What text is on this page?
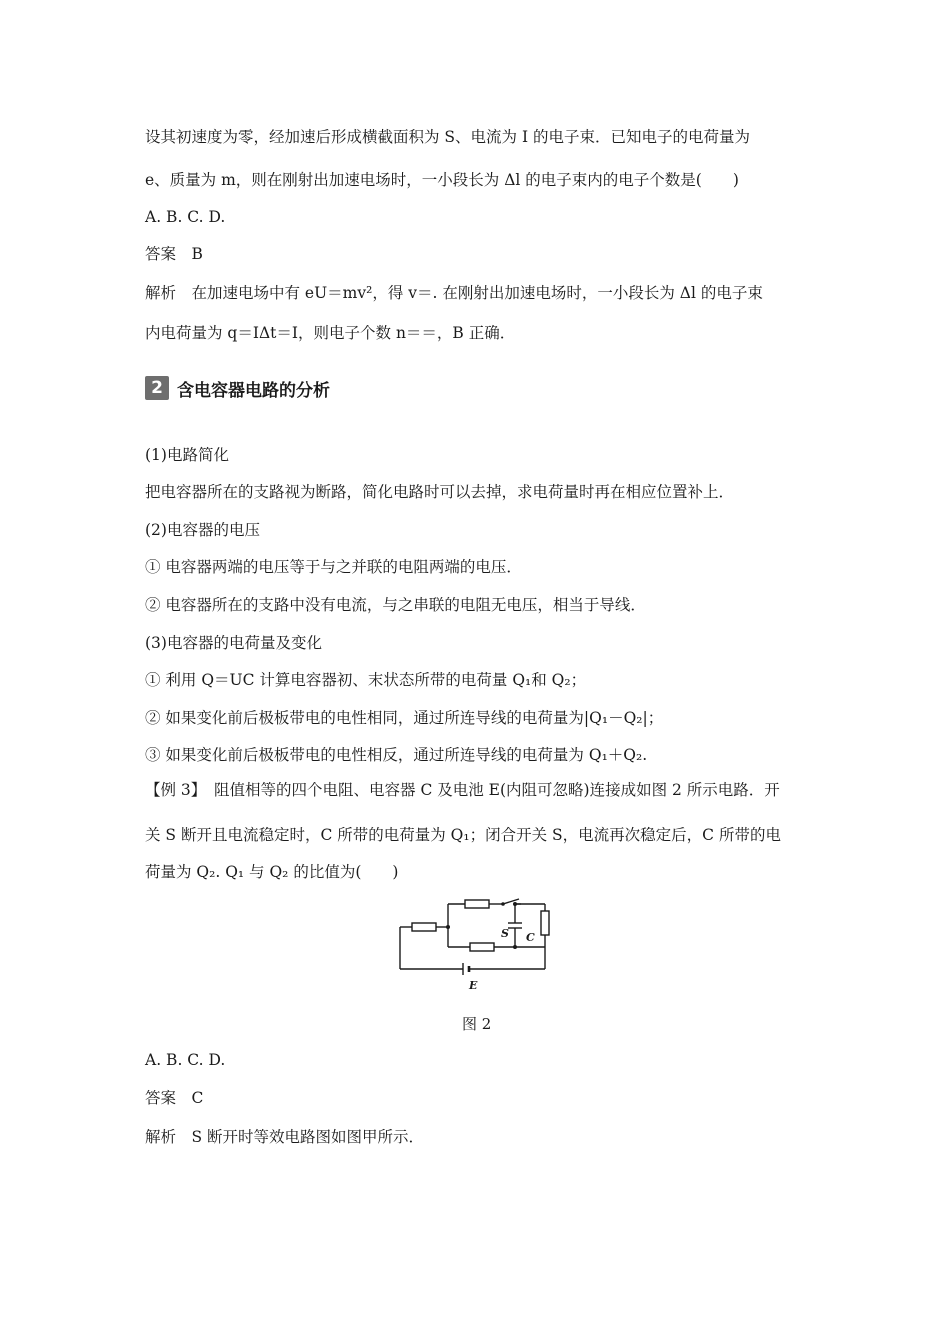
设其初速度为零，经加速后形成横截面积为 S、电流为 I 的电子束．已知电子的电荷量为
e、质量为 m，则在刚射出加速电场时，一小段长为 Δl 的电子束内的电子个数是(　　)
A. B. C. D.
答案　B
解析　在加速电场中有 eU＝mv²，得 v＝. 在刚射出加速电场时，一小段长为 Δl 的电子束
内电荷量为 q＝IΔt＝I，则电子个数 n＝＝，B 正确．
2 含电容器电路的分析
(1)电路简化
把电容器所在的支路视为断路，简化电路时可以去掉，求电荷量时再在相应位置补上．
(2)电容器的电压
① 电容器两端的电压等于与之并联的电阻两端的电压．
② 电容器所在的支路中没有电流，与之串联的电阻无电压，相当于导线．
(3)电容器的电荷量及变化
① 利用 Q＝UC 计算电容器初、末状态所带的电荷量 Q₁和 Q₂；
② 如果变化前后极板带电的电性相同，通过所连导线的电荷量为|Q₁－Q₂|；
③ 如果变化前后极板带电的电性相反，通过所连导线的电荷量为 Q₁＋Q₂.
【例 3】　阻值相等的四个电阻、电容器 C 及电池 E(内阻可忽略)连接成如图 2 所示电路．开
关 S 断开且电流稳定时，C 所带的电荷量为 Q₁；闭合开关 S，电流再次稳定后，C 所带的电
荷量为 Q₂. Q₁ 与 Q₂ 的比值为(　　)
S C
E
图 2
A. B. C. D.
答案　C
解析　S 断开时等效电路图如图甲所示．
